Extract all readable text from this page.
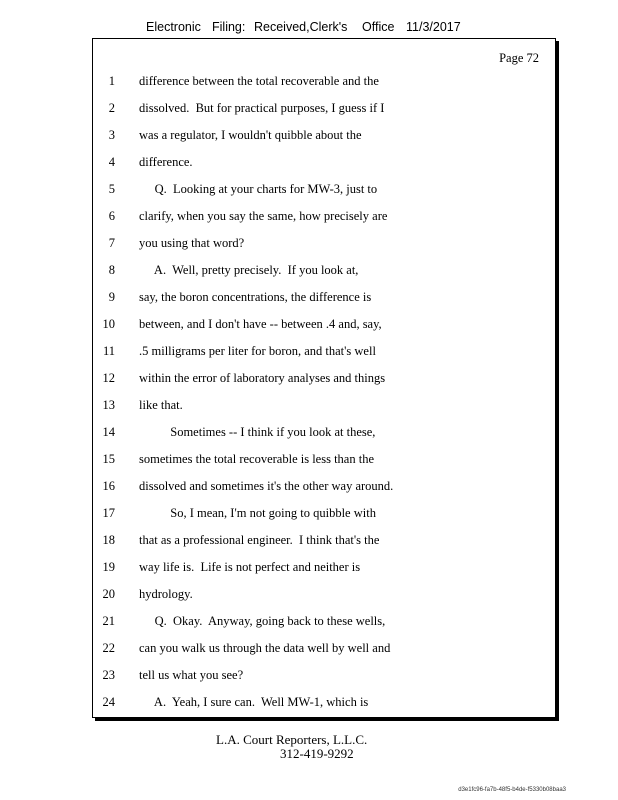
Electronic Filing: Received,Clerk's Office 11/3/2017
Page 72
1 difference between the total recoverable and the
2 dissolved.  But for practical purposes, I guess if I
3 was a regulator, I wouldn't quibble about the
4 difference.
5 Q.  Looking at your charts for MW-3, just to
6 clarify, when you say the same, how precisely are
7 you using that word?
8 A.  Well, pretty precisely.  If you look at,
9 say, the boron concentrations, the difference is
10 between, and I don't have -- between .4 and, say,
11 .5 milligrams per liter for boron, and that's well
12 within the error of laboratory analyses and things
13 like that.
14 Sometimes -- I think if you look at these,
15 sometimes the total recoverable is less than the
16 dissolved and sometimes it's the other way around.
17 So, I mean, I'm not going to quibble with
18 that as a professional engineer.  I think that's the
19 way life is.  Life is not perfect and neither is
20 hydrology.
21 Q.  Okay.  Anyway, going back to these wells,
22 can you walk us through the data well by well and
23 tell us what you see?
24 A.  Yeah, I sure can.  Well MW-1, which is
L.A. Court Reporters, L.L.C.
312-419-9292
d3e1fc96-fa7b-48f5-b4de-f5330b08baa3
